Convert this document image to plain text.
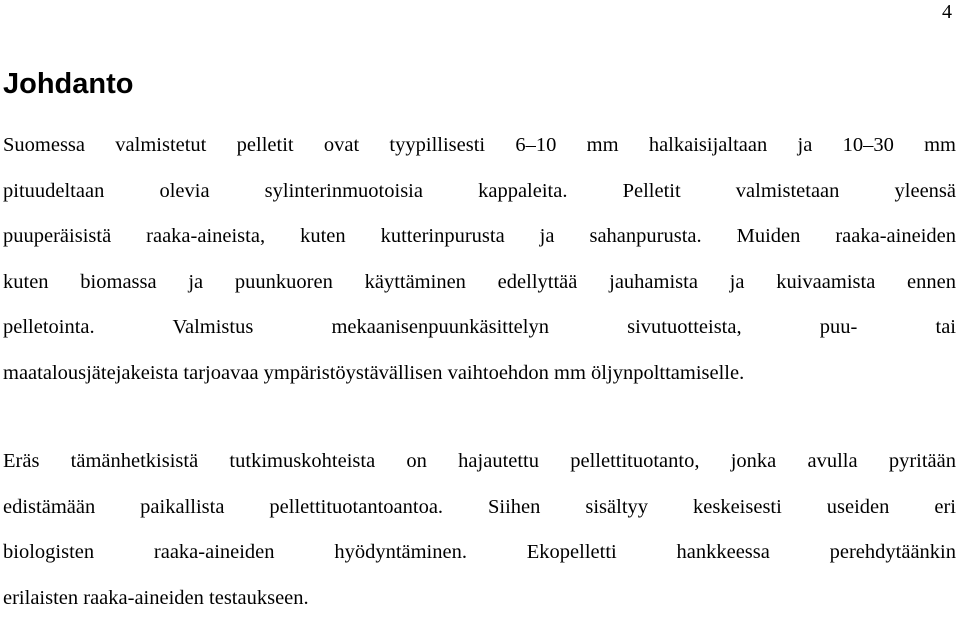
4
Johdanto
Suomessa valmistetut pelletit ovat tyypillisesti 6–10 mm halkaisijaltaan ja 10–30 mm
pituudeltaan olevia sylinterinmuotoisia kappaleita. Pelletit valmistetaan yleensä
puuperäisistä raaka-aineista, kuten kutterinpurusta ja sahanpurusta. Muiden raaka-aineiden
kuten biomassa ja puunkuoren käyttäminen edellyttää jauhamista ja kuivaamista ennen
pelletointa. Valmistus mekaanisenpuunkäsittelyn sivutuotteista, puu- tai
maatalousjätejakeista tarjoavaa ympäristöystävällisen vaihtoehdon mm öljynpolttamiselle.
Eräs tämänhetkisistä tutkimuskohteista on hajautettu pellettituotanto, jonka avulla pyritään
edistämään paikallista pellettituotantoantoa. Siihen sisältyy keskeisesti useiden eri
biologisten raaka-aineiden hyödyntäminen. Ekopelletti hankkeessa perehdytäänkin
erilaisten raaka-aineiden testaukseen.
